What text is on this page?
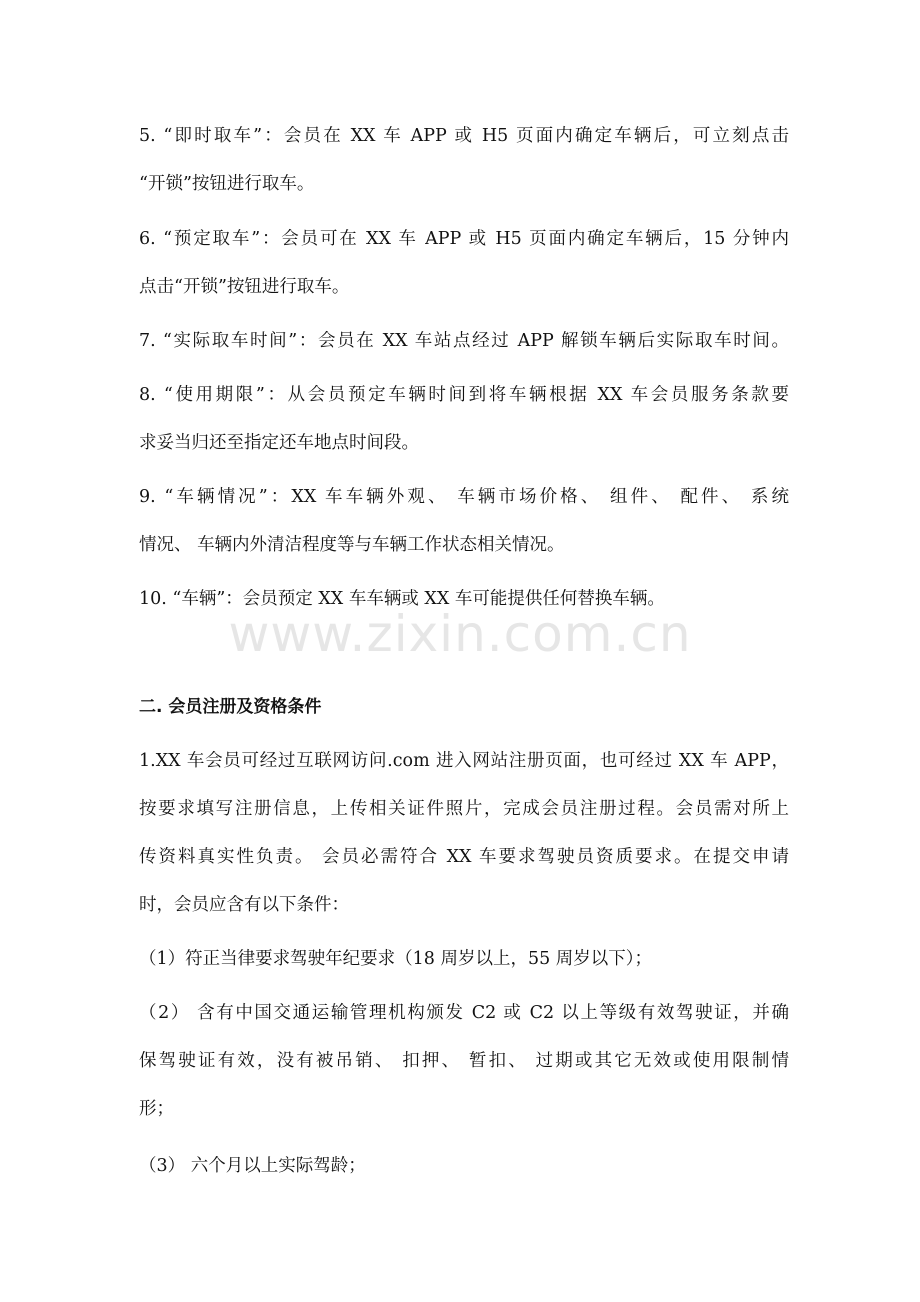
5. “即时取车”：会员在 XX 车 APP 或 H5 页面内确定车辆后，可立刻点击
“开锁”按钮进行取车。
6. “预定取车”：会员可在 XX 车 APP 或 H5 页面内确定车辆后，15 分钟内
点击“开锁”按钮进行取车。
7. “实际取车时间”：会员在 XX 车站点经过 APP 解锁车辆后实际取车时间。
8. “使用期限”：从会员预定车辆时间到将车辆根据 XX 车会员服务条款要
求妥当归还至指定还车地点时间段。
9. “车辆情况”：XX 车车辆外观、 车辆市场价格、 组件、 配件、 系统
情况、 车辆内外清洁程度等与车辆工作状态相关情况。
10. “车辆”：会员预定 XX 车车辆或 XX 车可能提供任何替换车辆。
www.zixin.com.cn
二. 会员注册及资格条件
1.XX 车会员可经过互联网访问.com 进入网站注册页面，也可经过 XX 车 APP，
按要求填写注册信息，上传相关证件照片，完成会员注册过程。会员需对所上
传资料真实性负责。 会员必需符合 XX 车要求驾驶员资质要求。在提交申请
时，会员应含有以下条件：
（1）符正当律要求驾驶年纪要求（18 周岁以上，55 周岁以下）；
（2） 含有中国交通运输管理机构颁发 C2 或 C2 以上等级有效驾驶证，并确
保驾驶证有效，没有被吊销、 扣押、 暂扣、 过期或其它无效或使用限制情
形；
（3） 六个月以上实际驾龄；
